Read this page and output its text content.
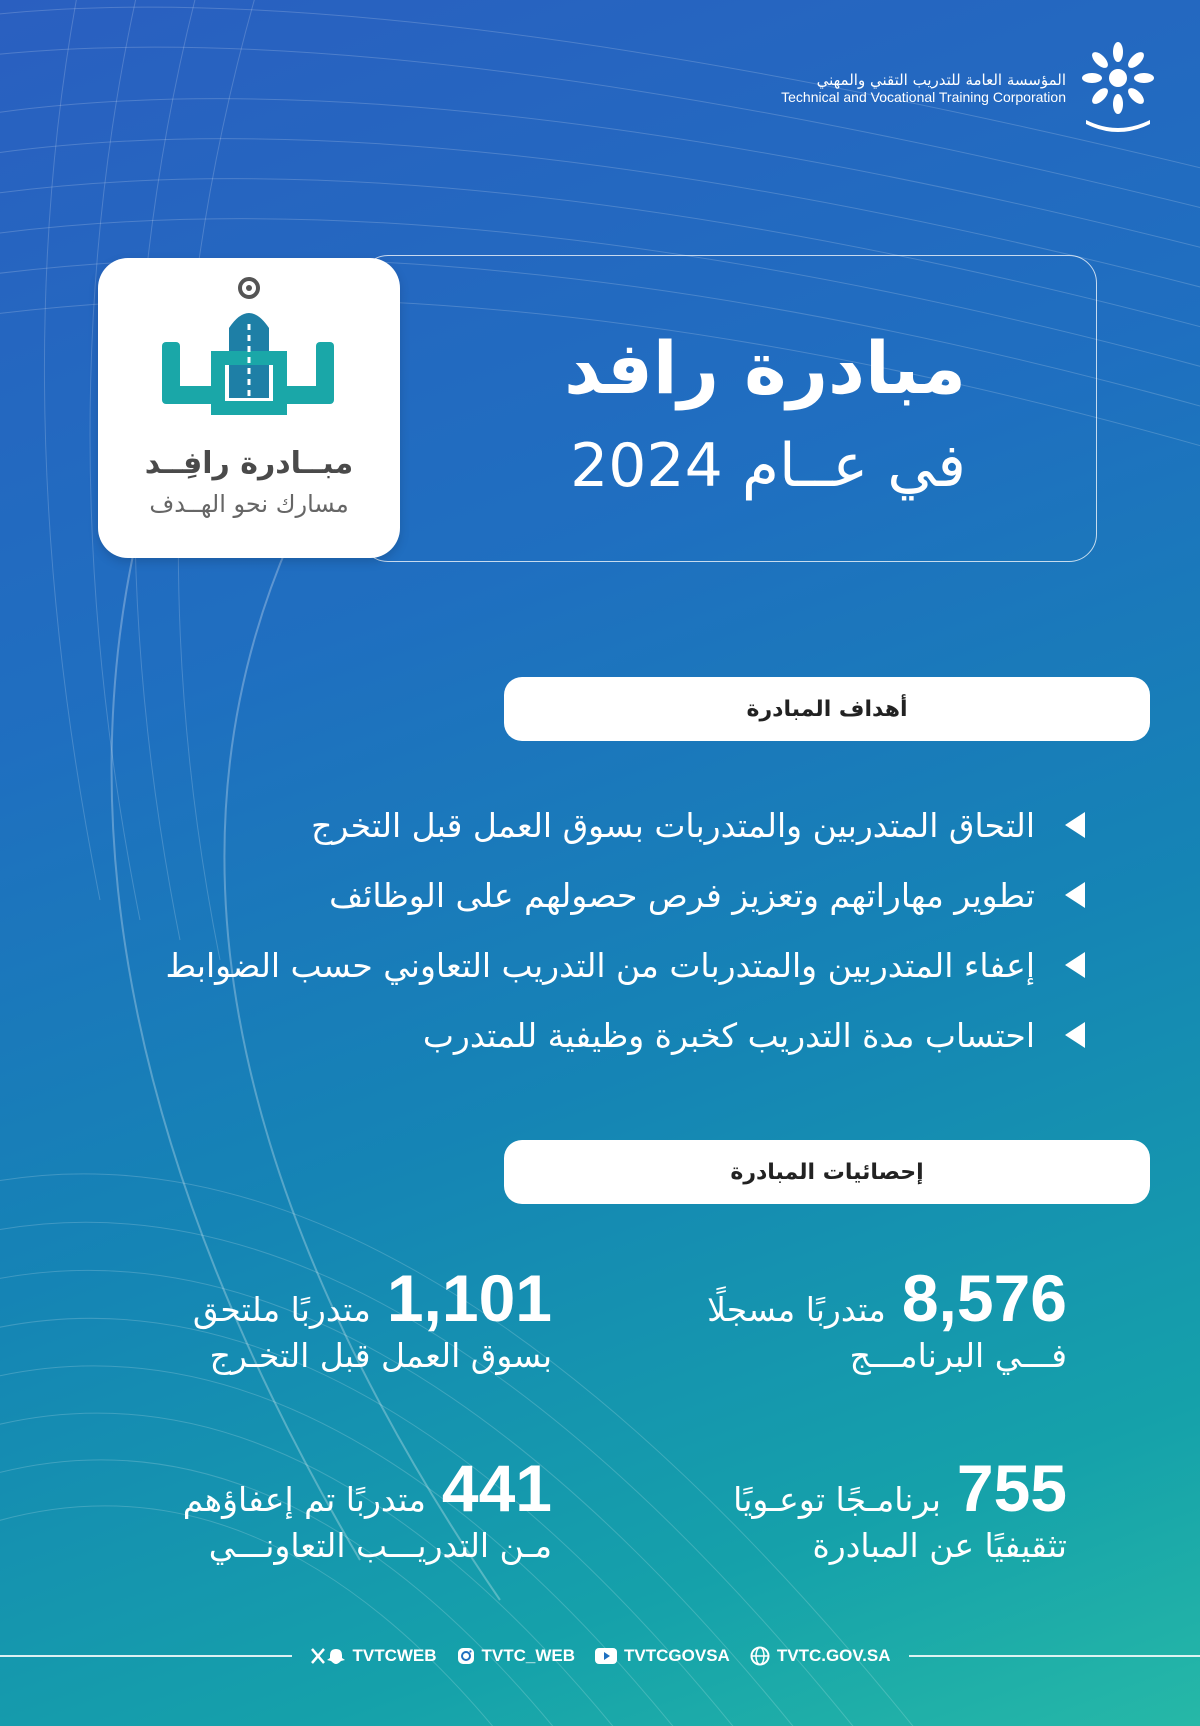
المؤسسة العامة للتدريب التقني والمهني
Technical and Vocational Training Corporation
مبادرة رافد
في عــام 2024
مبــادرة رافِــد
مسارك نحو الهــدف
أهداف المبادرة
التحاق المتدربين والمتدربات بسوق العمل قبل التخرج
تطوير مهاراتهم وتعزيز فرص حصولهم على الوظائف
إعفاء المتدربين والمتدربات من التدريب التعاوني حسب الضوابط
احتساب مدة التدريب كخبرة وظيفية للمتدرب
إحصائيات المبادرة
8,576
متدربًا مسجلًا
فـــي البرنامـــج
1,101
متدربًا ملتحق
بسوق العمل قبل التخـرج
755
برنامـجًا توعـويًا
تثقيفيًا عن المبادرة
441
متدربًا تم إعفاؤهم
مـن التدريـــب التعاونـــي
TVTCWEB	TVTC_WEB	TVTCGOVSA	TVTC.GOV.SA
